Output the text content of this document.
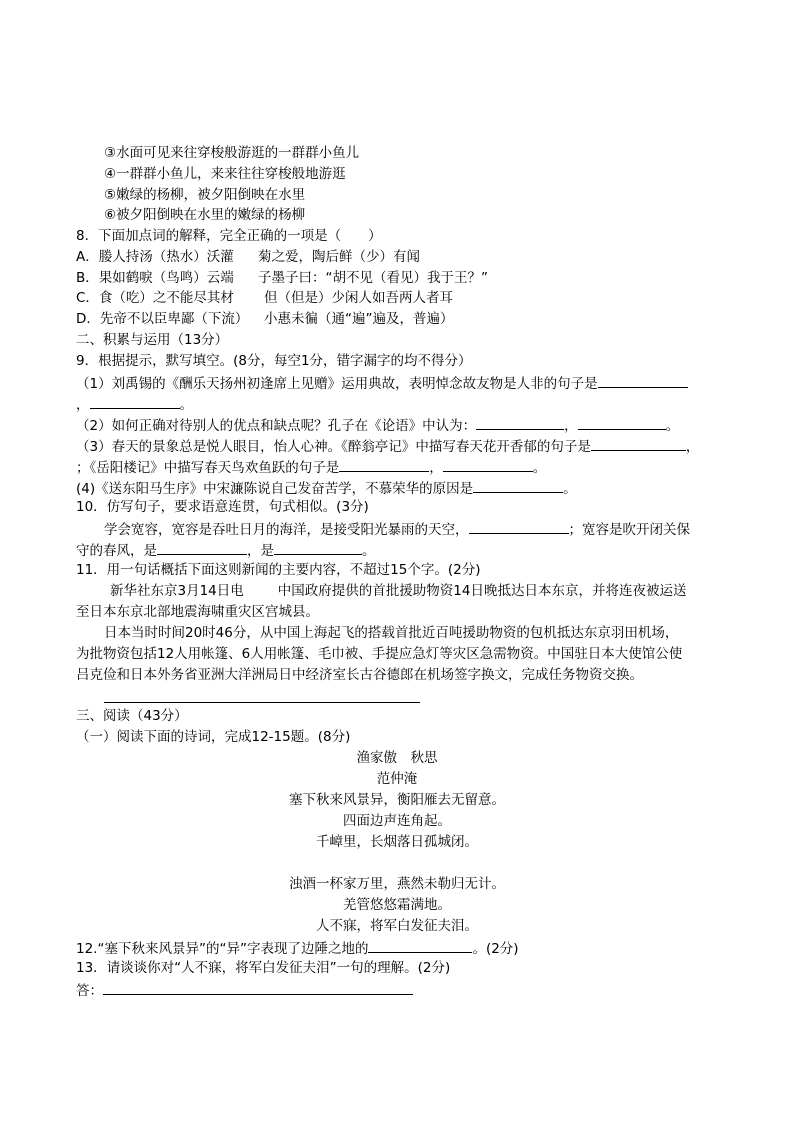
③水面可见来往穿梭般游逛的一群群小鱼儿
④一群群小鱼儿，来来往往穿梭般地游逛
⑤嫩绿的杨柳，被夕阳倒映在水里
⑥被夕阳倒映在水里的嫩绿的杨柳
8．下面加点词的解释，完全正确的一项是（　　）
A．媵人持汤（热水）沃灌 菊之爱，陶后鲜（少）有闻
B．果如鹤唳（鸟鸣）云端 子墨子曰：“胡不见（看见）我于王？”
C．食（吃）之不能尽其材 但（但是）少闲人如吾两人者耳
D．先帝不以臣卑鄙（下流） 小惠未徧（通“遍”遍及，普遍）
二、积累与运用（13分）
9．根据提示，默写填空。(8分，每空1分，错字漏字的均不得分）
（1）刘禹锡的《酬乐天扬州初逢席上见赠》运用典故，表明悼念故友物是人非的句子是
，	。
（2）如何正确对待别人的优点和缺点呢？孔子在《论语》中认为：	，	。
（3）春天的景象总是悦人眼目，怡人心神。《醉翁亭记》中描写春天花开香郁的句子是	，
；《岳阳楼记》中描写春天鸟欢鱼跃的句子是	，	。
(4)《送东阳马生序》中宋濂陈说自己发奋苦学，不慕荣华的原因是	。
10．仿写句子，要求语意连贯，句式相似。(3分)
学会宽容，宽容是吞吐日月的海洋，是接受阳光暴雨的天空，	；宽容是吹开闭关保
守的春风，是	，是	。
11．用一句话概括下面这则新闻的主要内容，不超过15个字。(2分)
新华社东京3月14日电	中国政府提供的首批援助物资14日晚抵达日本东京，并将连夜被运送
至日本东京北部地震海啸重灾区宫城县。
日本当时时间20时46分，从中国上海起飞的搭载首批近百吨援助物资的包机抵达东京羽田机场，
为批物资包括12人用帐篷、6人用帐篷、毛巾被、手提应急灯等灾区急需物资。中国驻日本大使馆公使
吕克俭和日本外务省亚洲大洋洲局日中经济室长古谷德郎在机场签字换文，完成任务物资交换。
三、阅读（43分）
（一）阅读下面的诗词，完成12-15题。(8分)
渔家傲　秋思
范仲淹
塞下秋来风景异，衡阳雁去无留意。
四面边声连角起。
千嶂里，长烟落日孤城闭。
浊酒一杯家万里，燕然未勒归无计。
羌管悠悠霜满地。
人不寐，将军白发征夫泪。
12.“塞下秋来风景异”的“异”字表现了边陲之地的	。(2分)
13．请谈谈你对“人不寐，将军白发征夫泪”一句的理解。(2分)
答：
